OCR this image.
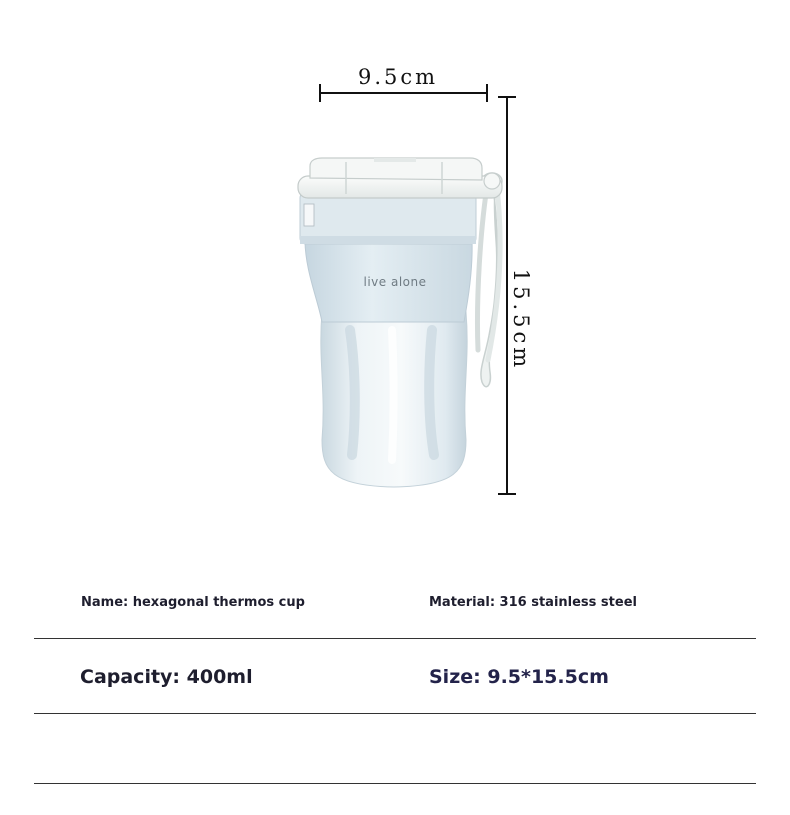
9.5cm
15.5cm
live alone
Name: hexagonal thermos cup	Material: 316 stainless steel
Capacity: 400ml	Size: 9.5*15.5cm
